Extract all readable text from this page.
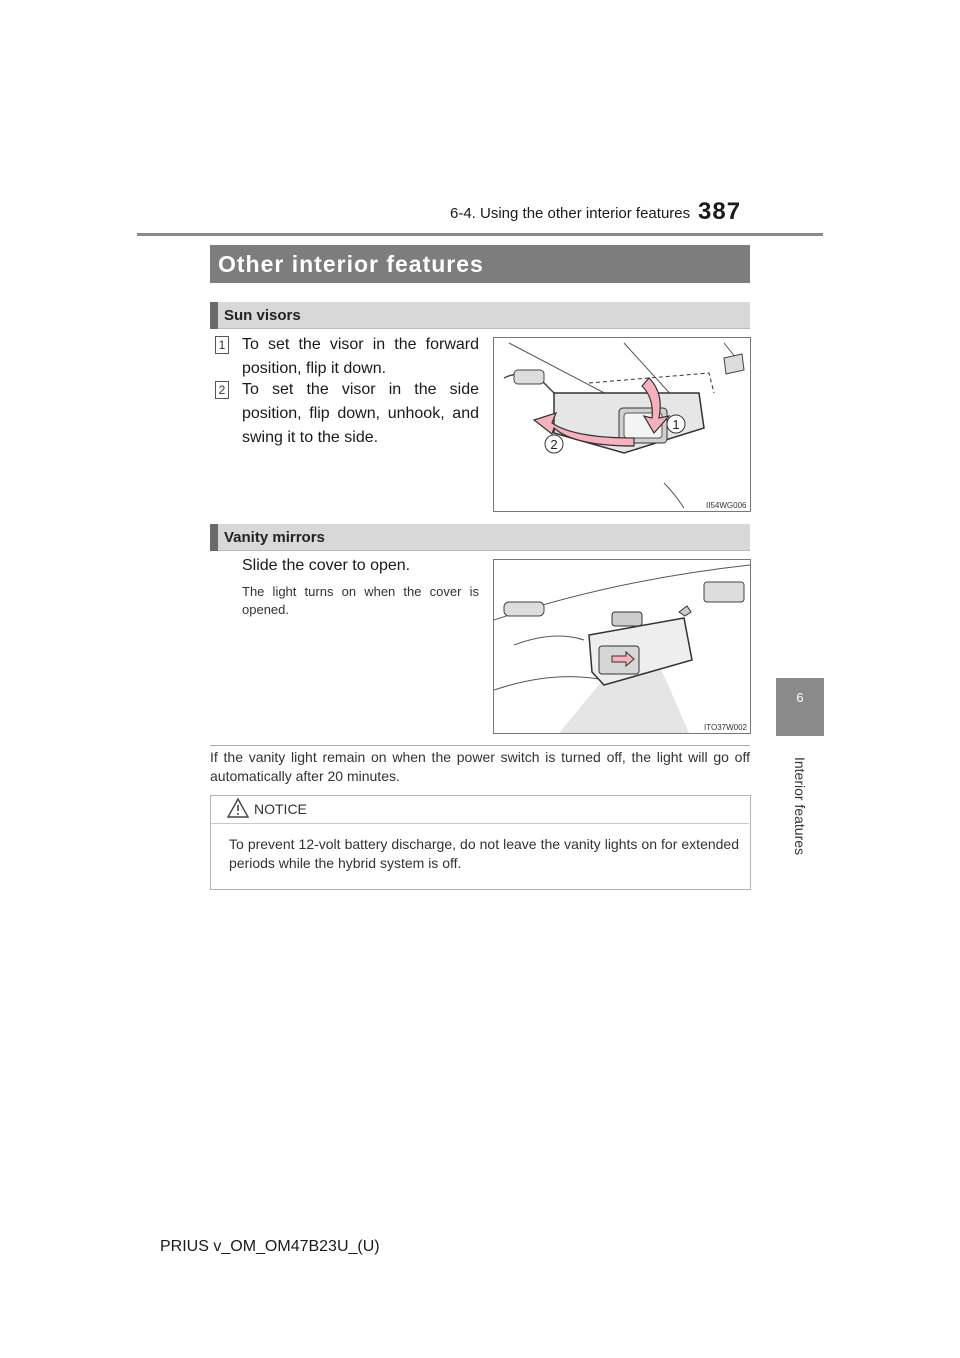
6-4. Using the other interior features 387
6
Interior features
Other interior features
Sun visors
1 To set the visor in the forward position, flip it down.
2 To set the visor in the side position, flip down, unhook, and swing it to the side.
1
2
II54WG006
Vanity mirrors
Slide the cover to open.
The light turns on when the cover is opened.
ITO37W002
If the vanity light remain on when the power switch is turned off, the light will go off automatically after 20 minutes.
NOTICE
To prevent 12-volt battery discharge, do not leave the vanity lights on for extended periods while the hybrid system is off.
PRIUS v_OM_OM47B23U_(U)
